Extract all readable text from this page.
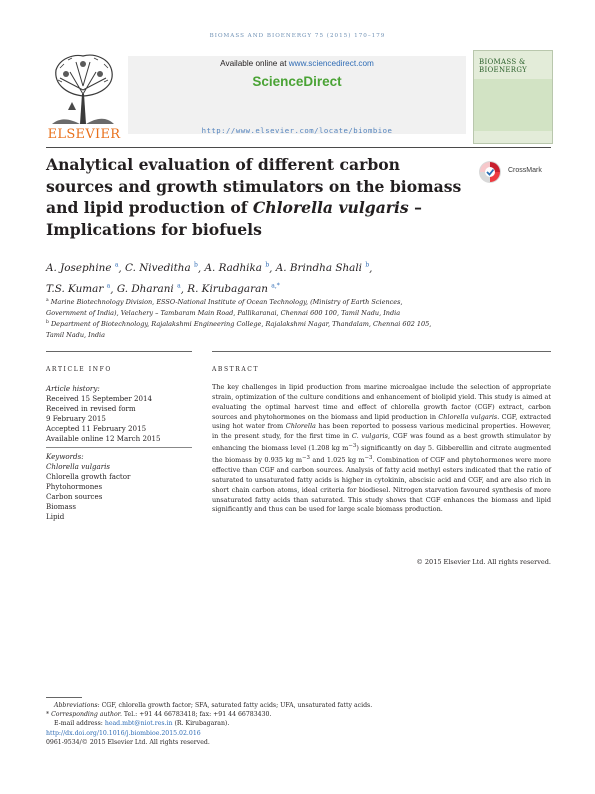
BIOMASS AND BIOENERGY 75 (2015) 170–179
ELSEVIER
Available online at www.sciencedirect.com
ScienceDirect
http://www.elsevier.com/locate/biombioe
BIOMASS &
BIOENERGY
Analytical evaluation of different carbon sources and growth stimulators on the biomass and lipid production of Chlorella vulgaris – Implications for biofuels
CrossMark
A. Josephine $^a$, C. Niveditha $^b$, A. Radhika $^b$, A. Brindha Shali $^b$,
T.S. Kumar $^a$, G. Dharani $^a$, R. Kirubagaran $^{a,*}$
$^a$ Marine Biotechnology Division, ESSO-National Institute of Ocean Technology, (Ministry of Earth Sciences,
Government of India), Velachery – Tambaram Main Road, Pallikaranai, Chennai 600 100, Tamil Nadu, India
$^b$ Department of Biotechnology, Rajalakshmi Engineering College, Rajalakshmi Nagar, Thandalam, Chennai 602 105,
Tamil Nadu, India
ARTICLE INFO	ABSTRACT
Article history:
Received 15 September 2014
Received in revised form
9 February 2015
Accepted 11 February 2015
Available online 12 March 2015
Keywords:
Chlorella vulgaris
Chlorella growth factor
Phytohormones
Carbon sources
Biomass
Lipid

The key challenges in lipid production from marine microalgae include the selection of appropriate strain, optimization of the culture conditions and enhancement of biolipid yield. This study is aimed at evaluating the optimal harvest time and effect of chlorella growth factor (CGF) extract, carbon sources and phytohormones on the biomass and lipid production in Chlorella vulgaris. CGF, extracted using hot water from Chlorella has been reported to possess various medicinal properties. However, in the present study, for the first time in C. vulgaris, CGF was found as a best growth stimulator by enhancing the biomass level (1.208 kg $m^{-3}$) significantly on day 5. Gibberellin and citrate augmented the biomass by 0.935 kg $m^{-3}$ and 1.025 kg $m^{-3}$. Combination of CGF and phytohormones were more effective than CGF and carbon sources. Analysis of fatty acid methyl esters indicated that the ratio of saturated to unsaturated fatty acids is higher in cytokinin, abscisic acid and CGF, and are also rich in short chain carbon atoms, ideal criteria for biodiesel. Nitrogen starvation favoured synthesis of more unsaturated fatty acids than saturated. This study shows that CGF enhances the biomass and lipid significantly and thus can be used for large scale biomass production.

© 2015 Elsevier Ltd. All rights reserved.
Abbreviations: CGF, chlorella growth factor; SFA, saturated fatty acids; UFA, unsaturated fatty acids.
* Corresponding author. Tel.: +91 44 66783418; fax: +91 44 66783430.
E-mail address: head.mbt@niot.res.in (R. Kirubagaran).
http://dx.doi.org/10.1016/j.biombioe.2015.02.016
0961-9534/© 2015 Elsevier Ltd. All rights reserved.
